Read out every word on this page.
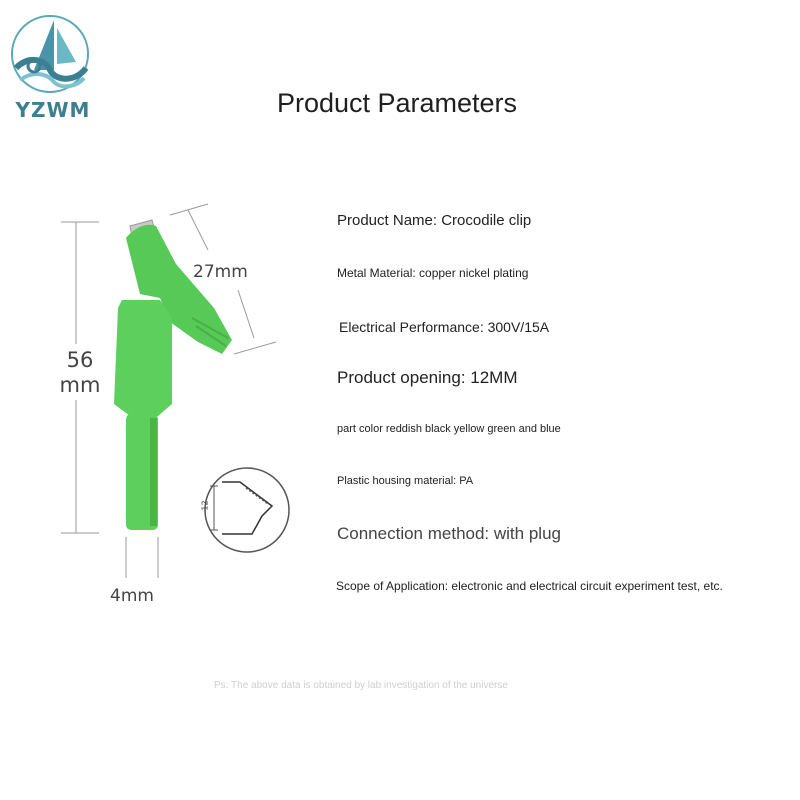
YZWM	Product Parameters
56
mm
27mm
4mm
12
Product Name: Crocodile clip
Metal Material: copper nickel plating
Electrical Performance: 300V/15A
Product opening: 12MM
part color reddish black yellow green and blue
Plastic housing material: PA
Connection method: with plug
Scope of Application: electronic and electrical circuit experiment test, etc.
Ps: The above data is obtained by lab investigation of the universe
